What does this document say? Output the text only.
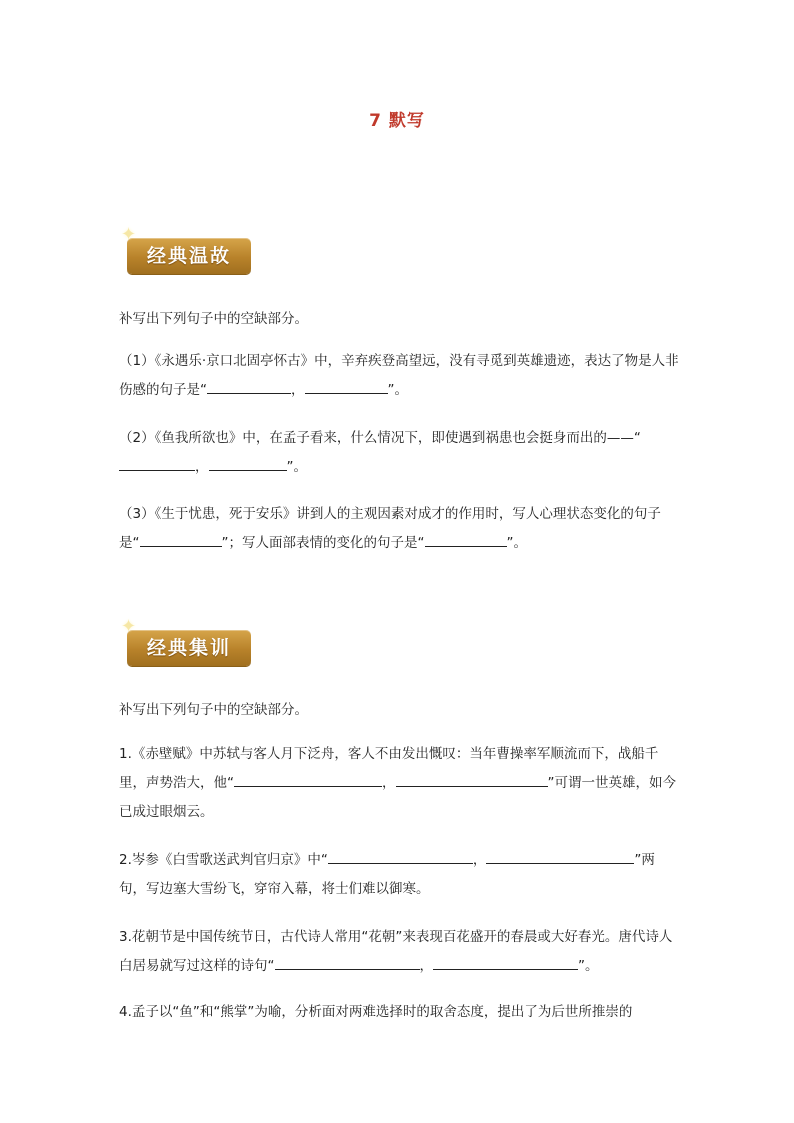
7 默写
✦
经典温故

补写出下列句子中的空缺部分。

（1）《永遇乐·京口北固亭怀古》中，辛弃疾登高望远，没有寻觅到英雄遗迹，表达了物是人非伤感的句子是“	，	”。

（2）《鱼我所欲也》中，在孟子看来，什么情况下，即使遇到祸患也会挺身而出的——“，	”。

（3）《生于忧患，死于安乐》讲到人的主观因素对成才的作用时，写人心理状态变化的句子是“	”；写人面部表情的变化的句子是“	”。

✦
经典集训

补写出下列句子中的空缺部分。

1.《赤壁赋》中苏轼与客人月下泛舟，客人不由发出慨叹：当年曹操率军顺流而下，战船千里，声势浩大，他“	，	”可谓一世英雄，如今已成过眼烟云。

2.岑参《白雪歌送武判官归京》中“	，	”两句，写边塞大雪纷飞，穿帘入幕，将士们难以御寒。

3.花朝节是中国传统节日，古代诗人常用“花朝”来表现百花盛开的春晨或大好春光。唐代诗人白居易就写过这样的诗句“	，	”。

4.孟子以“鱼”和“熊掌”为喻，分析面对两难选择时的取舍态度，提出了为后世所推崇的
